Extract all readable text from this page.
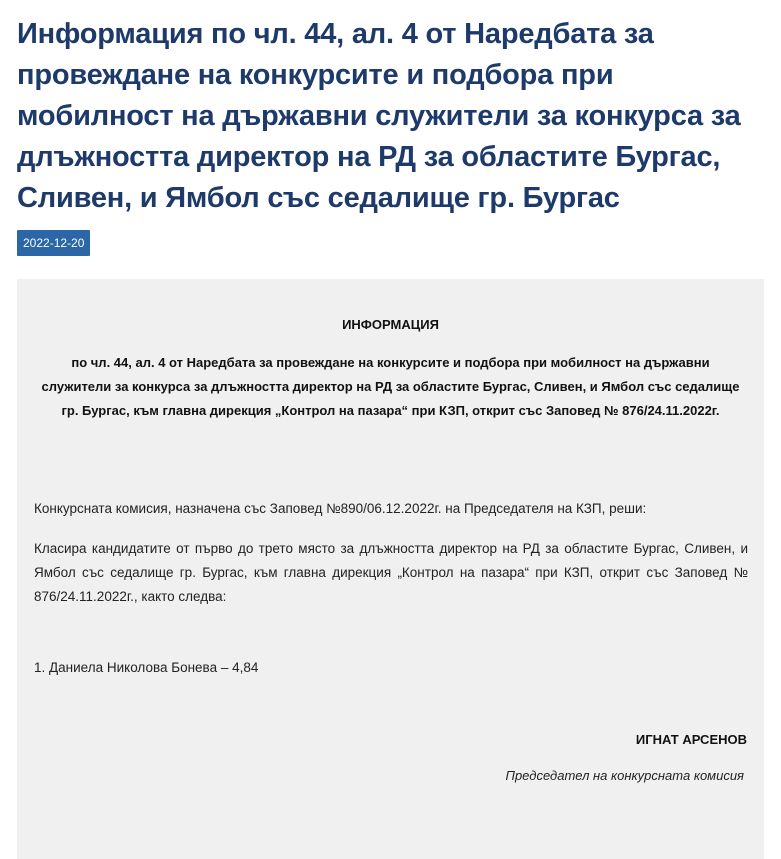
Информация по чл. 44, ал. 4 от Наредбата за провеждане на конкурсите и подбора при мобилност на държавни служители за конкурса за длъжността директор на РД за областите Бургас, Сливен, и Ямбол със седалище гр. Бургас
2022-12-20
ИНФОРМАЦИЯ
по чл. 44, ал. 4 от Наредбата за провеждане на конкурсите и подбора при мобилност на държавни служители за конкурса за длъжността директор на РД за областите Бургас, Сливен, и Ямбол със седалище гр. Бургас, към главна дирекция „Контрол на пазара“ при КЗП, открит със Заповед № 876/24.11.2022г.

Конкурсната комисия, назначена със Заповед №890/06.12.2022г. на Председателя на КЗП, реши:

Класира кандидатите от първо до трето място за длъжността директор на РД за областите Бургас, Сливен, и Ямбол със седалище гр. Бургас, към главна дирекция „Контрол на пазара“ при КЗП, открит със Заповед № 876/24.11.2022г., както следва:

1. Даниела Николова Бонева – 4,84

ИГНАТ АРСЕНОВ
Председател на конкурсната комисия
